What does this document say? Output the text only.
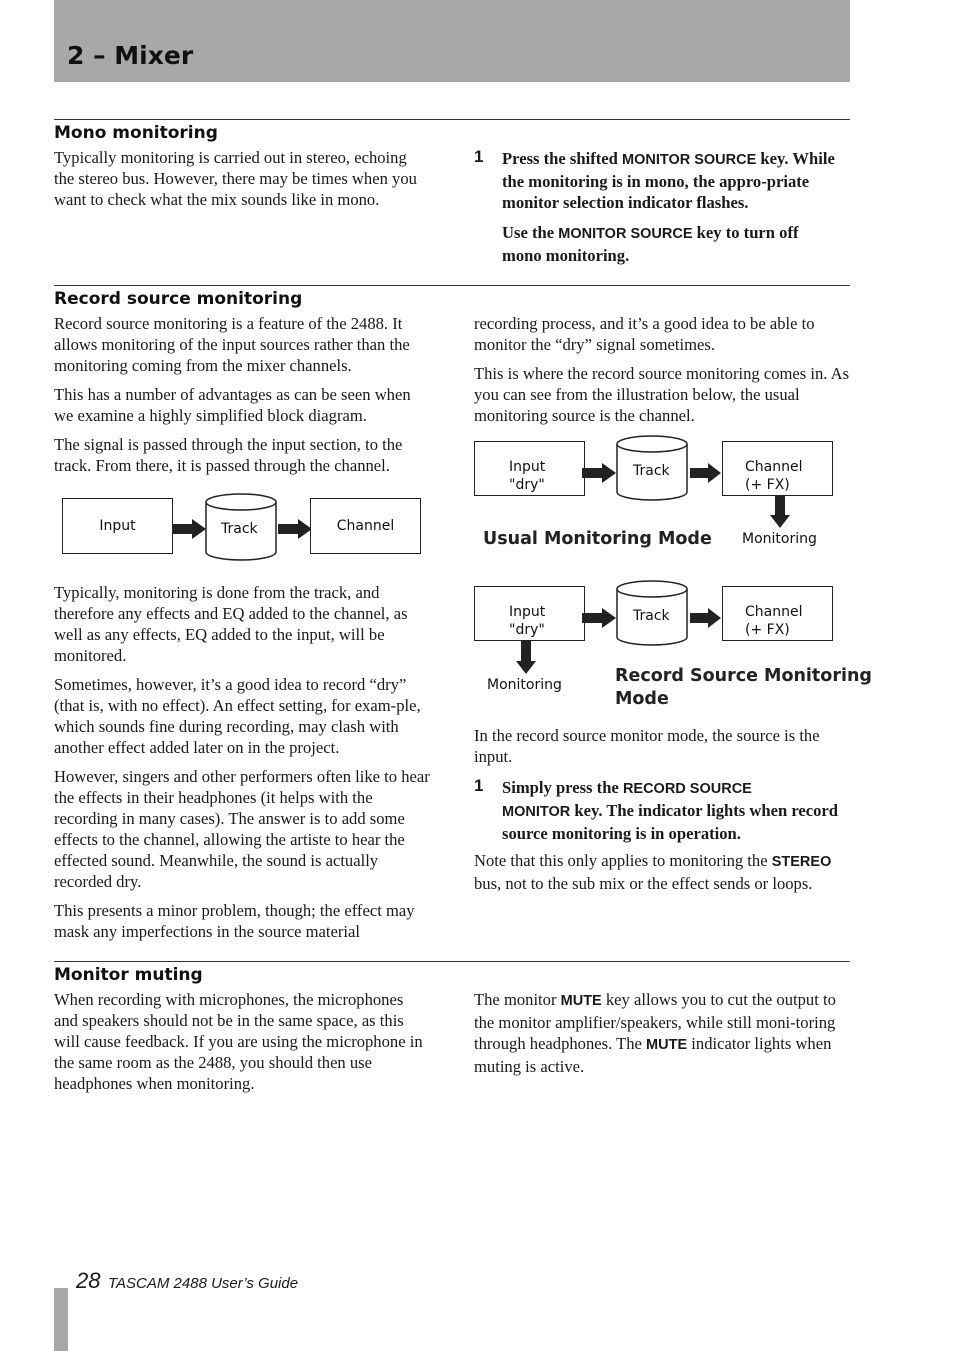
2 – Mixer
Mono monitoring

Typically monitoring is carried out in stereo, echoing the stereo bus. However, there may be times when you want to check what the mix sounds like in mono.

1 Press the shifted MONITOR SOURCE key. While the monitoring is in mono, the appro-priate monitor selection indicator flashes.
Use the MONITOR SOURCE key to turn off mono monitoring.
Record source monitoring

Record source monitoring is a feature of the 2488. It allows monitoring of the input sources rather than the monitoring coming from the mixer channels.

This has a number of advantages as can be seen when we examine a highly simplified block diagram.

The signal is passed through the input section, to the track. From there, it is passed through the channel.

Input	Track	Channel

Typically, monitoring is done from the track, and therefore any effects and EQ added to the channel, as well as any effects, EQ added to the input, will be monitored.

Sometimes, however, it’s a good idea to record “dry” (that is, with no effect). An effect setting, for exam-ple, which sounds fine during recording, may clash with another effect added later on in the project.

However, singers and other performers often like to hear the effects in their headphones (it helps with the recording in many cases). The answer is to add some effects to the channel, allowing the artiste to hear the effected sound. Meanwhile, the sound is actually recorded dry.

This presents a minor problem, though; the effect may mask any imperfections in the source material

recording process, and it’s a good idea to be able to monitor the “dry” signal sometimes.

This is where the record source monitoring comes in. As you can see from the illustration below, the usual monitoring source is the channel.

Input
"dry"
Track	Channel
(+ FX)
Monitoring
Usual Monitoring Mode
Input
"dry"
Track	Channel
(+ FX)
Monitoring	Record Source Monitoring
Mode

In the record source monitor mode, the source is the input.

1 Simply press the RECORD SOURCE
MONITOR key. The indicator lights when record source monitoring is in operation.

Note that this only applies to monitoring the STEREO bus, not to the sub mix or the effect sends or loops.

Monitor muting

When recording with microphones, the microphones and speakers should not be in the same space, as this will cause feedback. If you are using the microphone in the same room as the 2488, you should then use headphones when monitoring.

The monitor MUTE key allows you to cut the output to the monitor amplifier/speakers, while still moni-toring through headphones. The MUTE indicator lights when muting is active.

28 TASCAM 2488 User’s Guide
